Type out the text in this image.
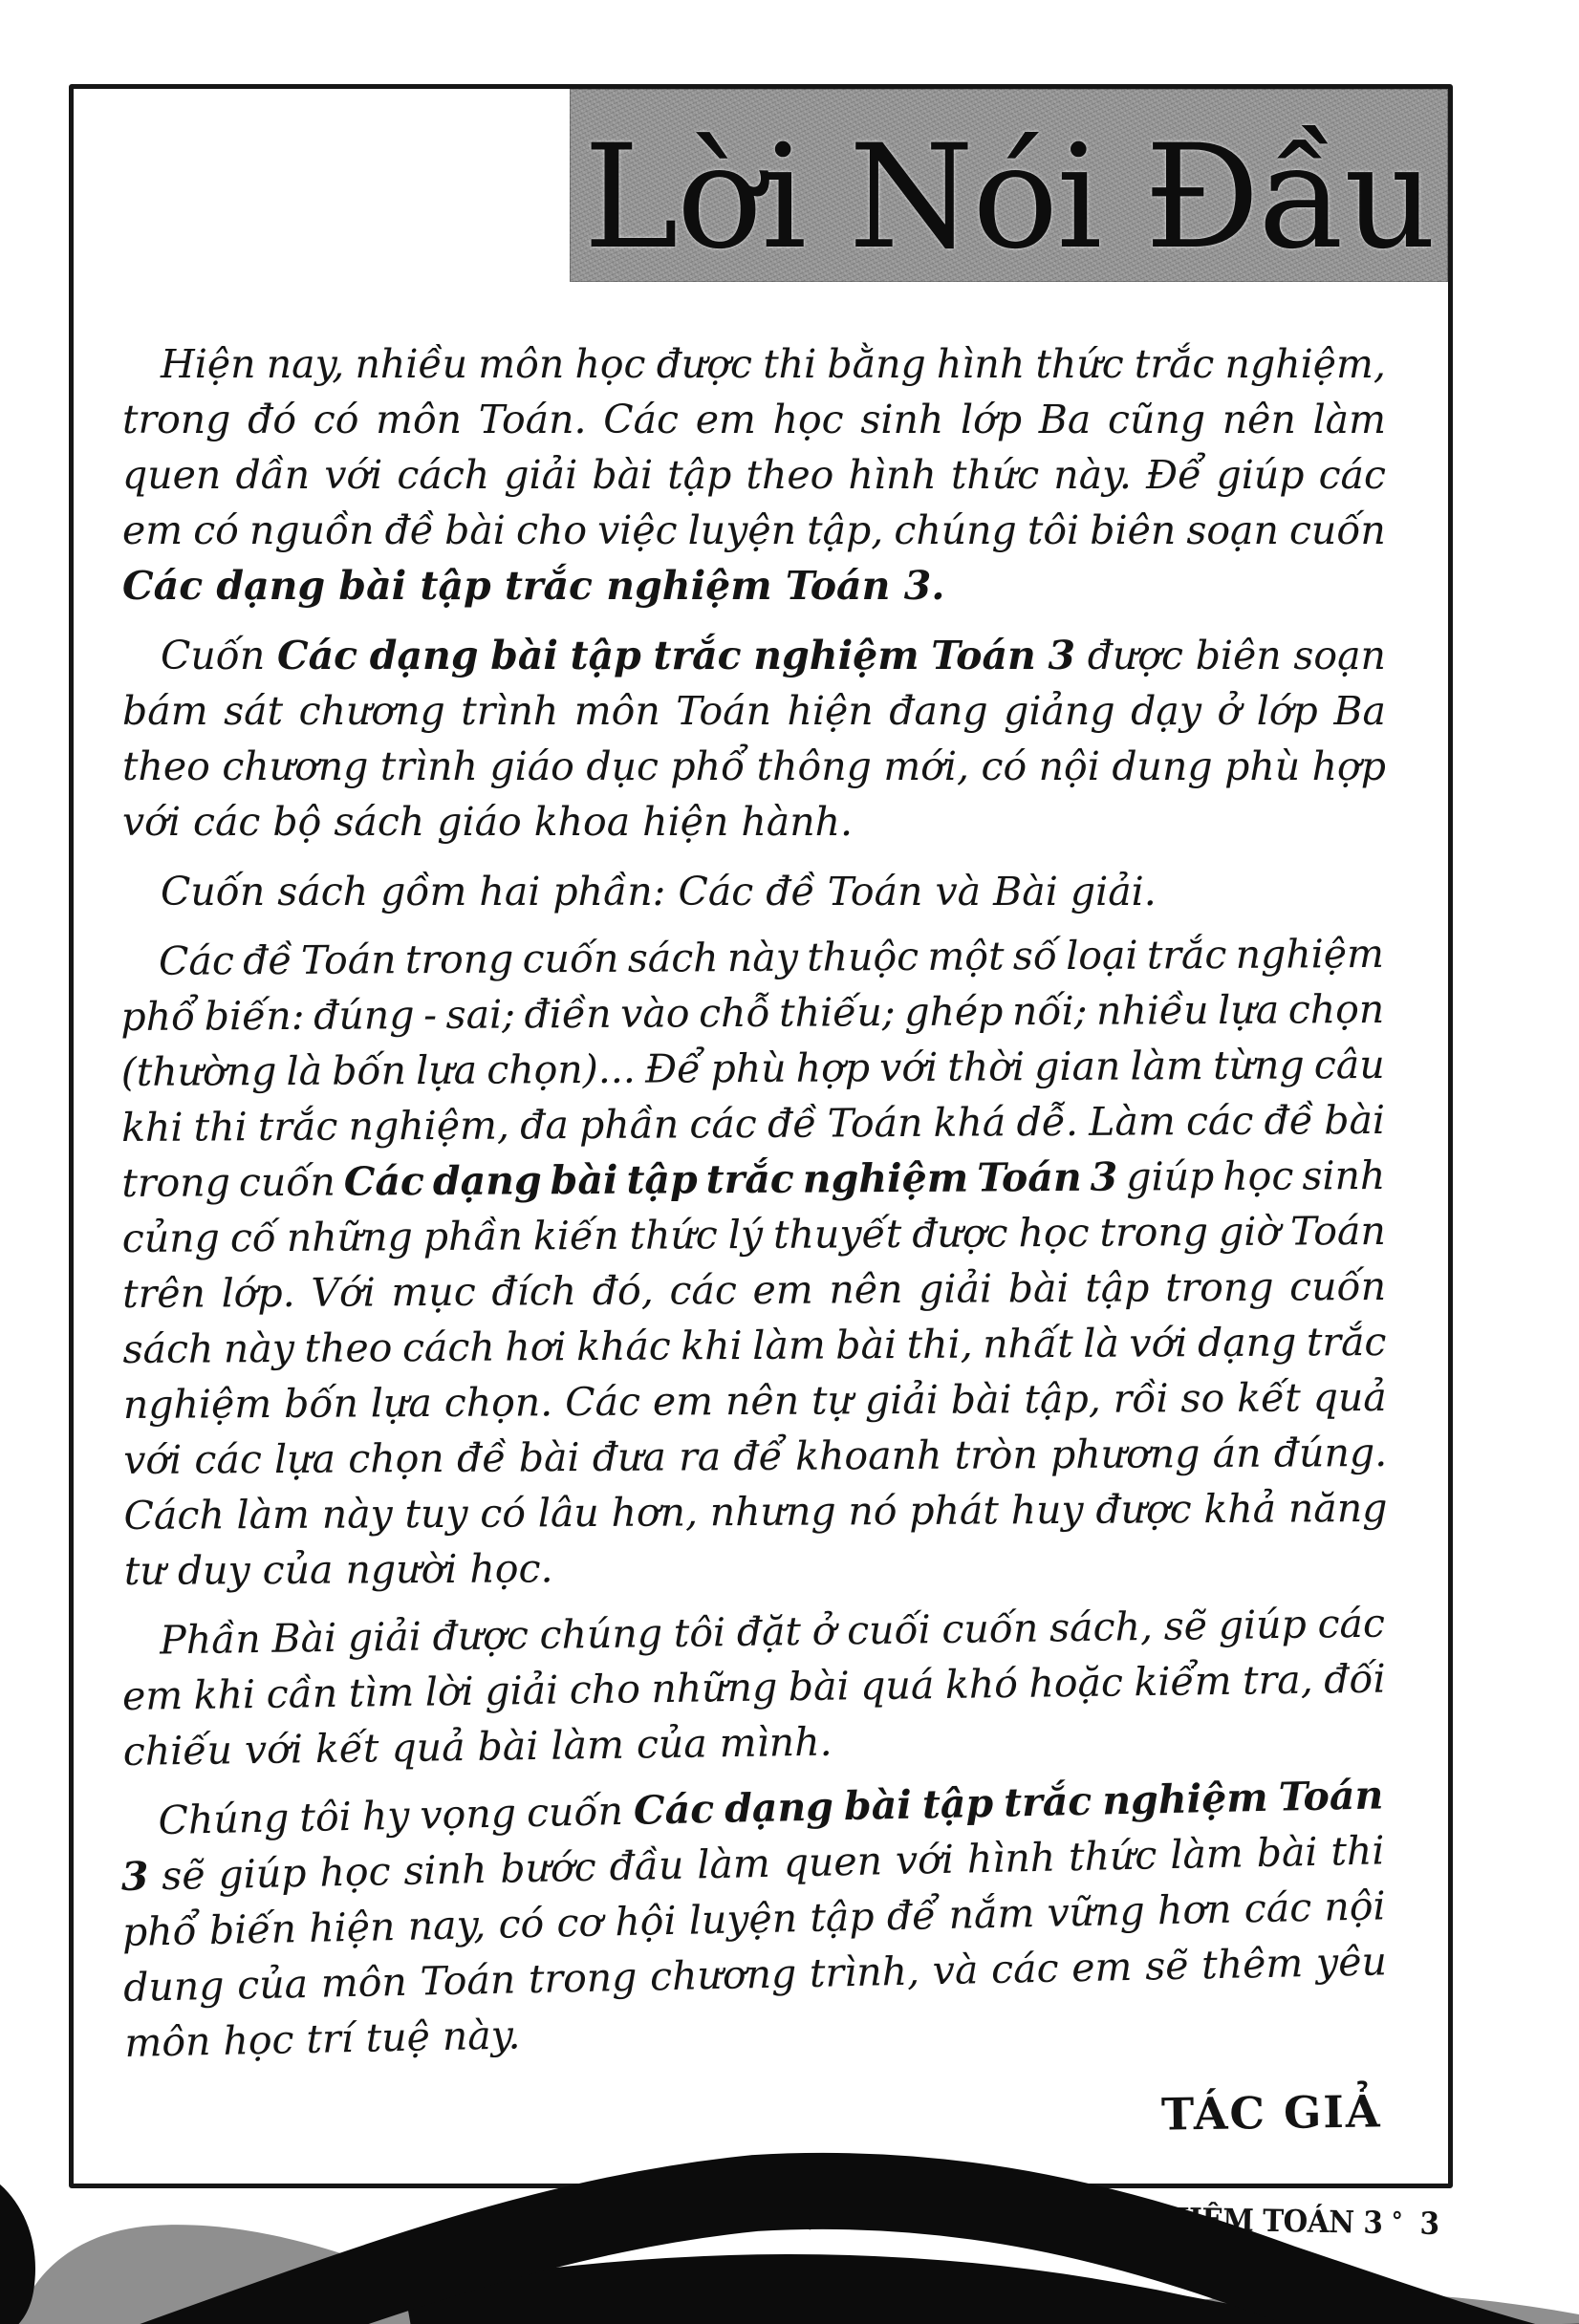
Lời Nói Đầu
Hiện nay, nhiều môn học được thi bằng hình thức trắc nghiệm,
trong đó có môn Toán. Các em học sinh lớp Ba cũng nên làm
quen dần với cách giải bài tập theo hình thức này. Để giúp các
em có nguồn đề bài cho việc luyện tập, chúng tôi biên soạn cuốn
Các dạng bài tập trắc nghiệm Toán 3.
Cuốn Các dạng bài tập trắc nghiệm Toán 3 được biên soạn
bám sát chương trình môn Toán hiện đang giảng dạy ở lớp Ba
theo chương trình giáo dục phổ thông mới, có nội dung phù hợp
với các bộ sách giáo khoa hiện hành.
Cuốn sách gồm hai phần: Các đề Toán và Bài giải.
Các đề Toán trong cuốn sách này thuộc một số loại trắc nghiệm
phổ biến: đúng - sai; điền vào chỗ thiếu; ghép nối; nhiều lựa chọn
(thường là bốn lựa chọn)... Để phù hợp với thời gian làm từng câu
khi thi trắc nghiệm, đa phần các đề Toán khá dễ. Làm các đề bài
trong cuốn Các dạng bài tập trắc nghiệm Toán 3 giúp học sinh
củng cố những phần kiến thức lý thuyết được học trong giờ Toán
trên lớp. Với mục đích đó, các em nên giải bài tập trong cuốn
sách này theo cách hơi khác khi làm bài thi, nhất là với dạng trắc
nghiệm bốn lựa chọn. Các em nên tự giải bài tập, rồi so kết quả
với các lựa chọn đề bài đưa ra để khoanh tròn phương án đúng.
Cách làm này tuy có lâu hơn, nhưng nó phát huy được khả năng
tư duy của người học.
Phần Bài giải được chúng tôi đặt ở cuối cuốn sách, sẽ giúp các
em khi cần tìm lời giải cho những bài quá khó hoặc kiểm tra, đối
chiếu với kết quả bài làm của mình.
Chúng tôi hy vọng cuốn Các dạng bài tập trắc nghiệm Toán
3 sẽ giúp học sinh bước đầu làm quen với hình thức làm bài thi
phổ biến hiện nay, có cơ hội luyện tập để nắm vững hơn các nội
dung của môn Toán trong chương trình, và các em sẽ thêm yêu
môn học trí tuệ này.
TÁC GIẢ
CÁC DẠNG BÀI TẬP TRẮC NGHIỆM TOÁN 3 ° 3
